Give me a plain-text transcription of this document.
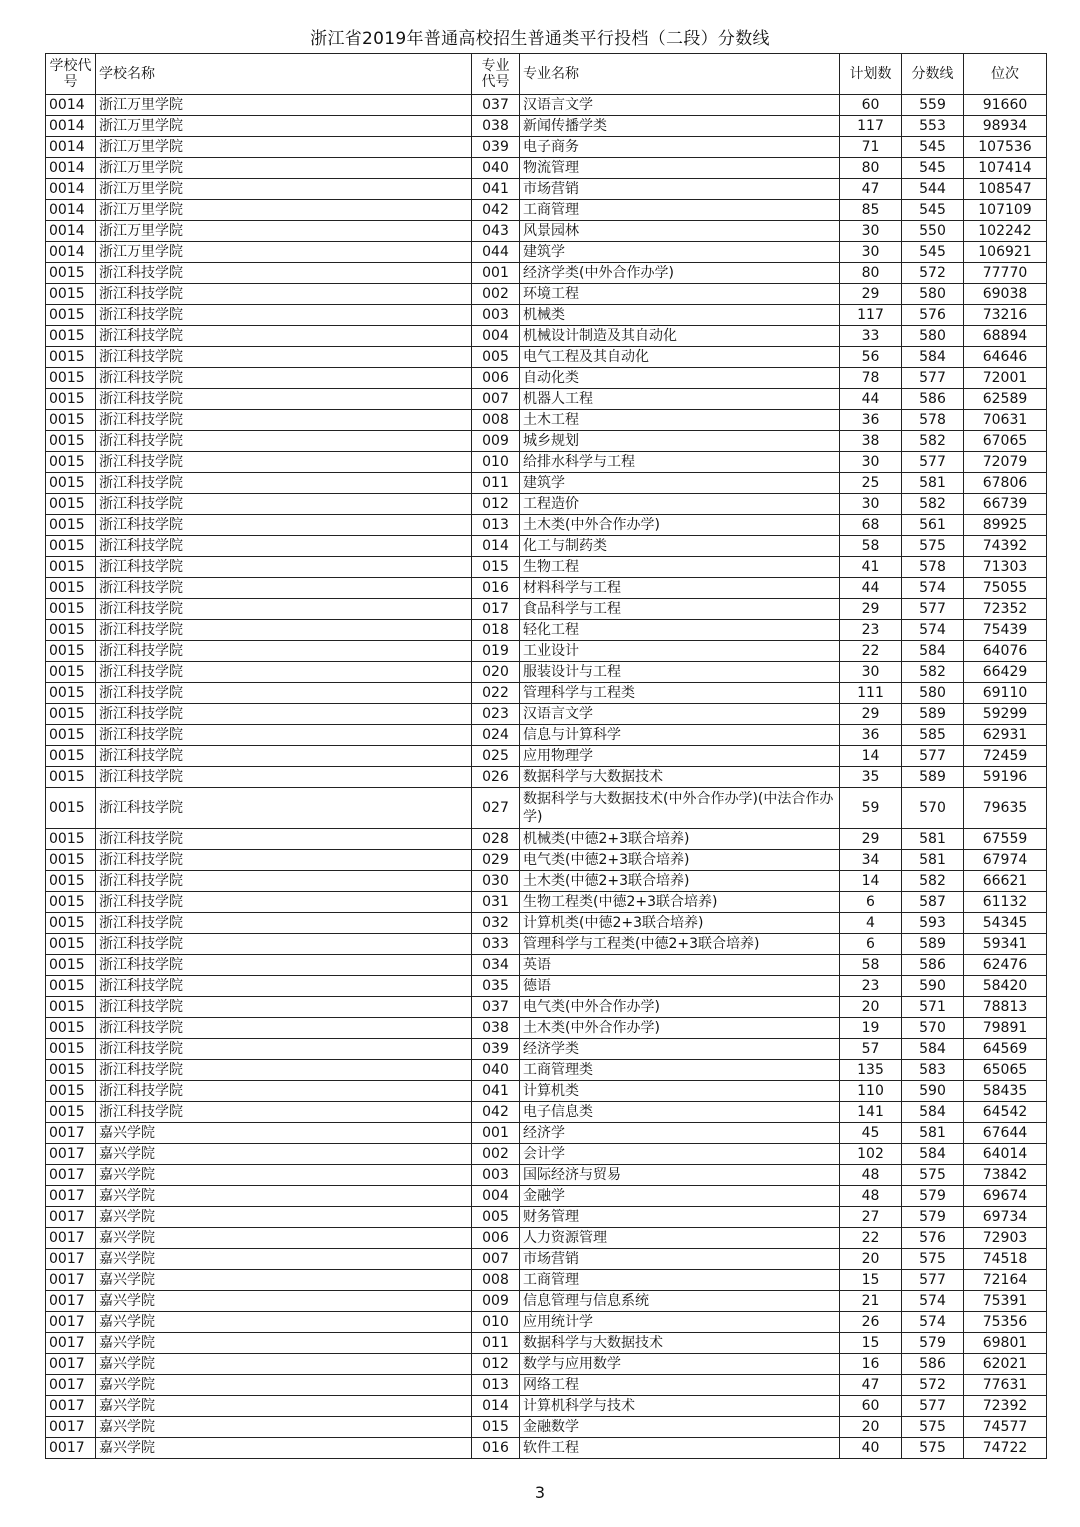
浙江省2019年普通高校招生普通类平行投档（二段）分数线
学校代号	学校名称	专业代号	专业名称	计划数	分数线	位次
0014	浙江万里学院	037	汉语言文学	60	559	91660
0014	浙江万里学院	038	新闻传播学类	117	553	98934
0014	浙江万里学院	039	电子商务	71	545	107536
0014	浙江万里学院	040	物流管理	80	545	107414
0014	浙江万里学院	041	市场营销	47	544	108547
0014	浙江万里学院	042	工商管理	85	545	107109
0014	浙江万里学院	043	风景园林	30	550	102242
0014	浙江万里学院	044	建筑学	30	545	106921
0015	浙江科技学院	001	经济学类(中外合作办学)	80	572	77770
0015	浙江科技学院	002	环境工程	29	580	69038
0015	浙江科技学院	003	机械类	117	576	73216
0015	浙江科技学院	004	机械设计制造及其自动化	33	580	68894
0015	浙江科技学院	005	电气工程及其自动化	56	584	64646
0015	浙江科技学院	006	自动化类	78	577	72001
0015	浙江科技学院	007	机器人工程	44	586	62589
0015	浙江科技学院	008	土木工程	36	578	70631
0015	浙江科技学院	009	城乡规划	38	582	67065
0015	浙江科技学院	010	给排水科学与工程	30	577	72079
0015	浙江科技学院	011	建筑学	25	581	67806
0015	浙江科技学院	012	工程造价	30	582	66739
0015	浙江科技学院	013	土木类(中外合作办学)	68	561	89925
0015	浙江科技学院	014	化工与制药类	58	575	74392
0015	浙江科技学院	015	生物工程	41	578	71303
0015	浙江科技学院	016	材料科学与工程	44	574	75055
0015	浙江科技学院	017	食品科学与工程	29	577	72352
0015	浙江科技学院	018	轻化工程	23	574	75439
0015	浙江科技学院	019	工业设计	22	584	64076
0015	浙江科技学院	020	服装设计与工程	30	582	66429
0015	浙江科技学院	022	管理科学与工程类	111	580	69110
0015	浙江科技学院	023	汉语言文学	29	589	59299
0015	浙江科技学院	024	信息与计算科学	36	585	62931
0015	浙江科技学院	025	应用物理学	14	577	72459
0015	浙江科技学院	026	数据科学与大数据技术	35	589	59196
0015	浙江科技学院	027	数据科学与大数据技术(中外合作办学)(中法合作办学)	59	570	79635
0015	浙江科技学院	028	机械类(中德2+3联合培养)	29	581	67559
0015	浙江科技学院	029	电气类(中德2+3联合培养)	34	581	67974
0015	浙江科技学院	030	土木类(中德2+3联合培养)	14	582	66621
0015	浙江科技学院	031	生物工程类(中德2+3联合培养)	6	587	61132
0015	浙江科技学院	032	计算机类(中德2+3联合培养)	4	593	54345
0015	浙江科技学院	033	管理科学与工程类(中德2+3联合培养)	6	589	59341
0015	浙江科技学院	034	英语	58	586	62476
0015	浙江科技学院	035	德语	23	590	58420
0015	浙江科技学院	037	电气类(中外合作办学)	20	571	78813
0015	浙江科技学院	038	土木类(中外合作办学)	19	570	79891
0015	浙江科技学院	039	经济学类	57	584	64569
0015	浙江科技学院	040	工商管理类	135	583	65065
0015	浙江科技学院	041	计算机类	110	590	58435
0015	浙江科技学院	042	电子信息类	141	584	64542
0017	嘉兴学院	001	经济学	45	581	67644
0017	嘉兴学院	002	会计学	102	584	64014
0017	嘉兴学院	003	国际经济与贸易	48	575	73842
0017	嘉兴学院	004	金融学	48	579	69674
0017	嘉兴学院	005	财务管理	27	579	69734
0017	嘉兴学院	006	人力资源管理	22	576	72903
0017	嘉兴学院	007	市场营销	20	575	74518
0017	嘉兴学院	008	工商管理	15	577	72164
0017	嘉兴学院	009	信息管理与信息系统	21	574	75391
0017	嘉兴学院	010	应用统计学	26	574	75356
0017	嘉兴学院	011	数据科学与大数据技术	15	579	69801
0017	嘉兴学院	012	数学与应用数学	16	586	62021
0017	嘉兴学院	013	网络工程	47	572	77631
0017	嘉兴学院	014	计算机科学与技术	60	577	72392
0017	嘉兴学院	015	金融数学	20	575	74577
0017	嘉兴学院	016	软件工程	40	575	74722
3
